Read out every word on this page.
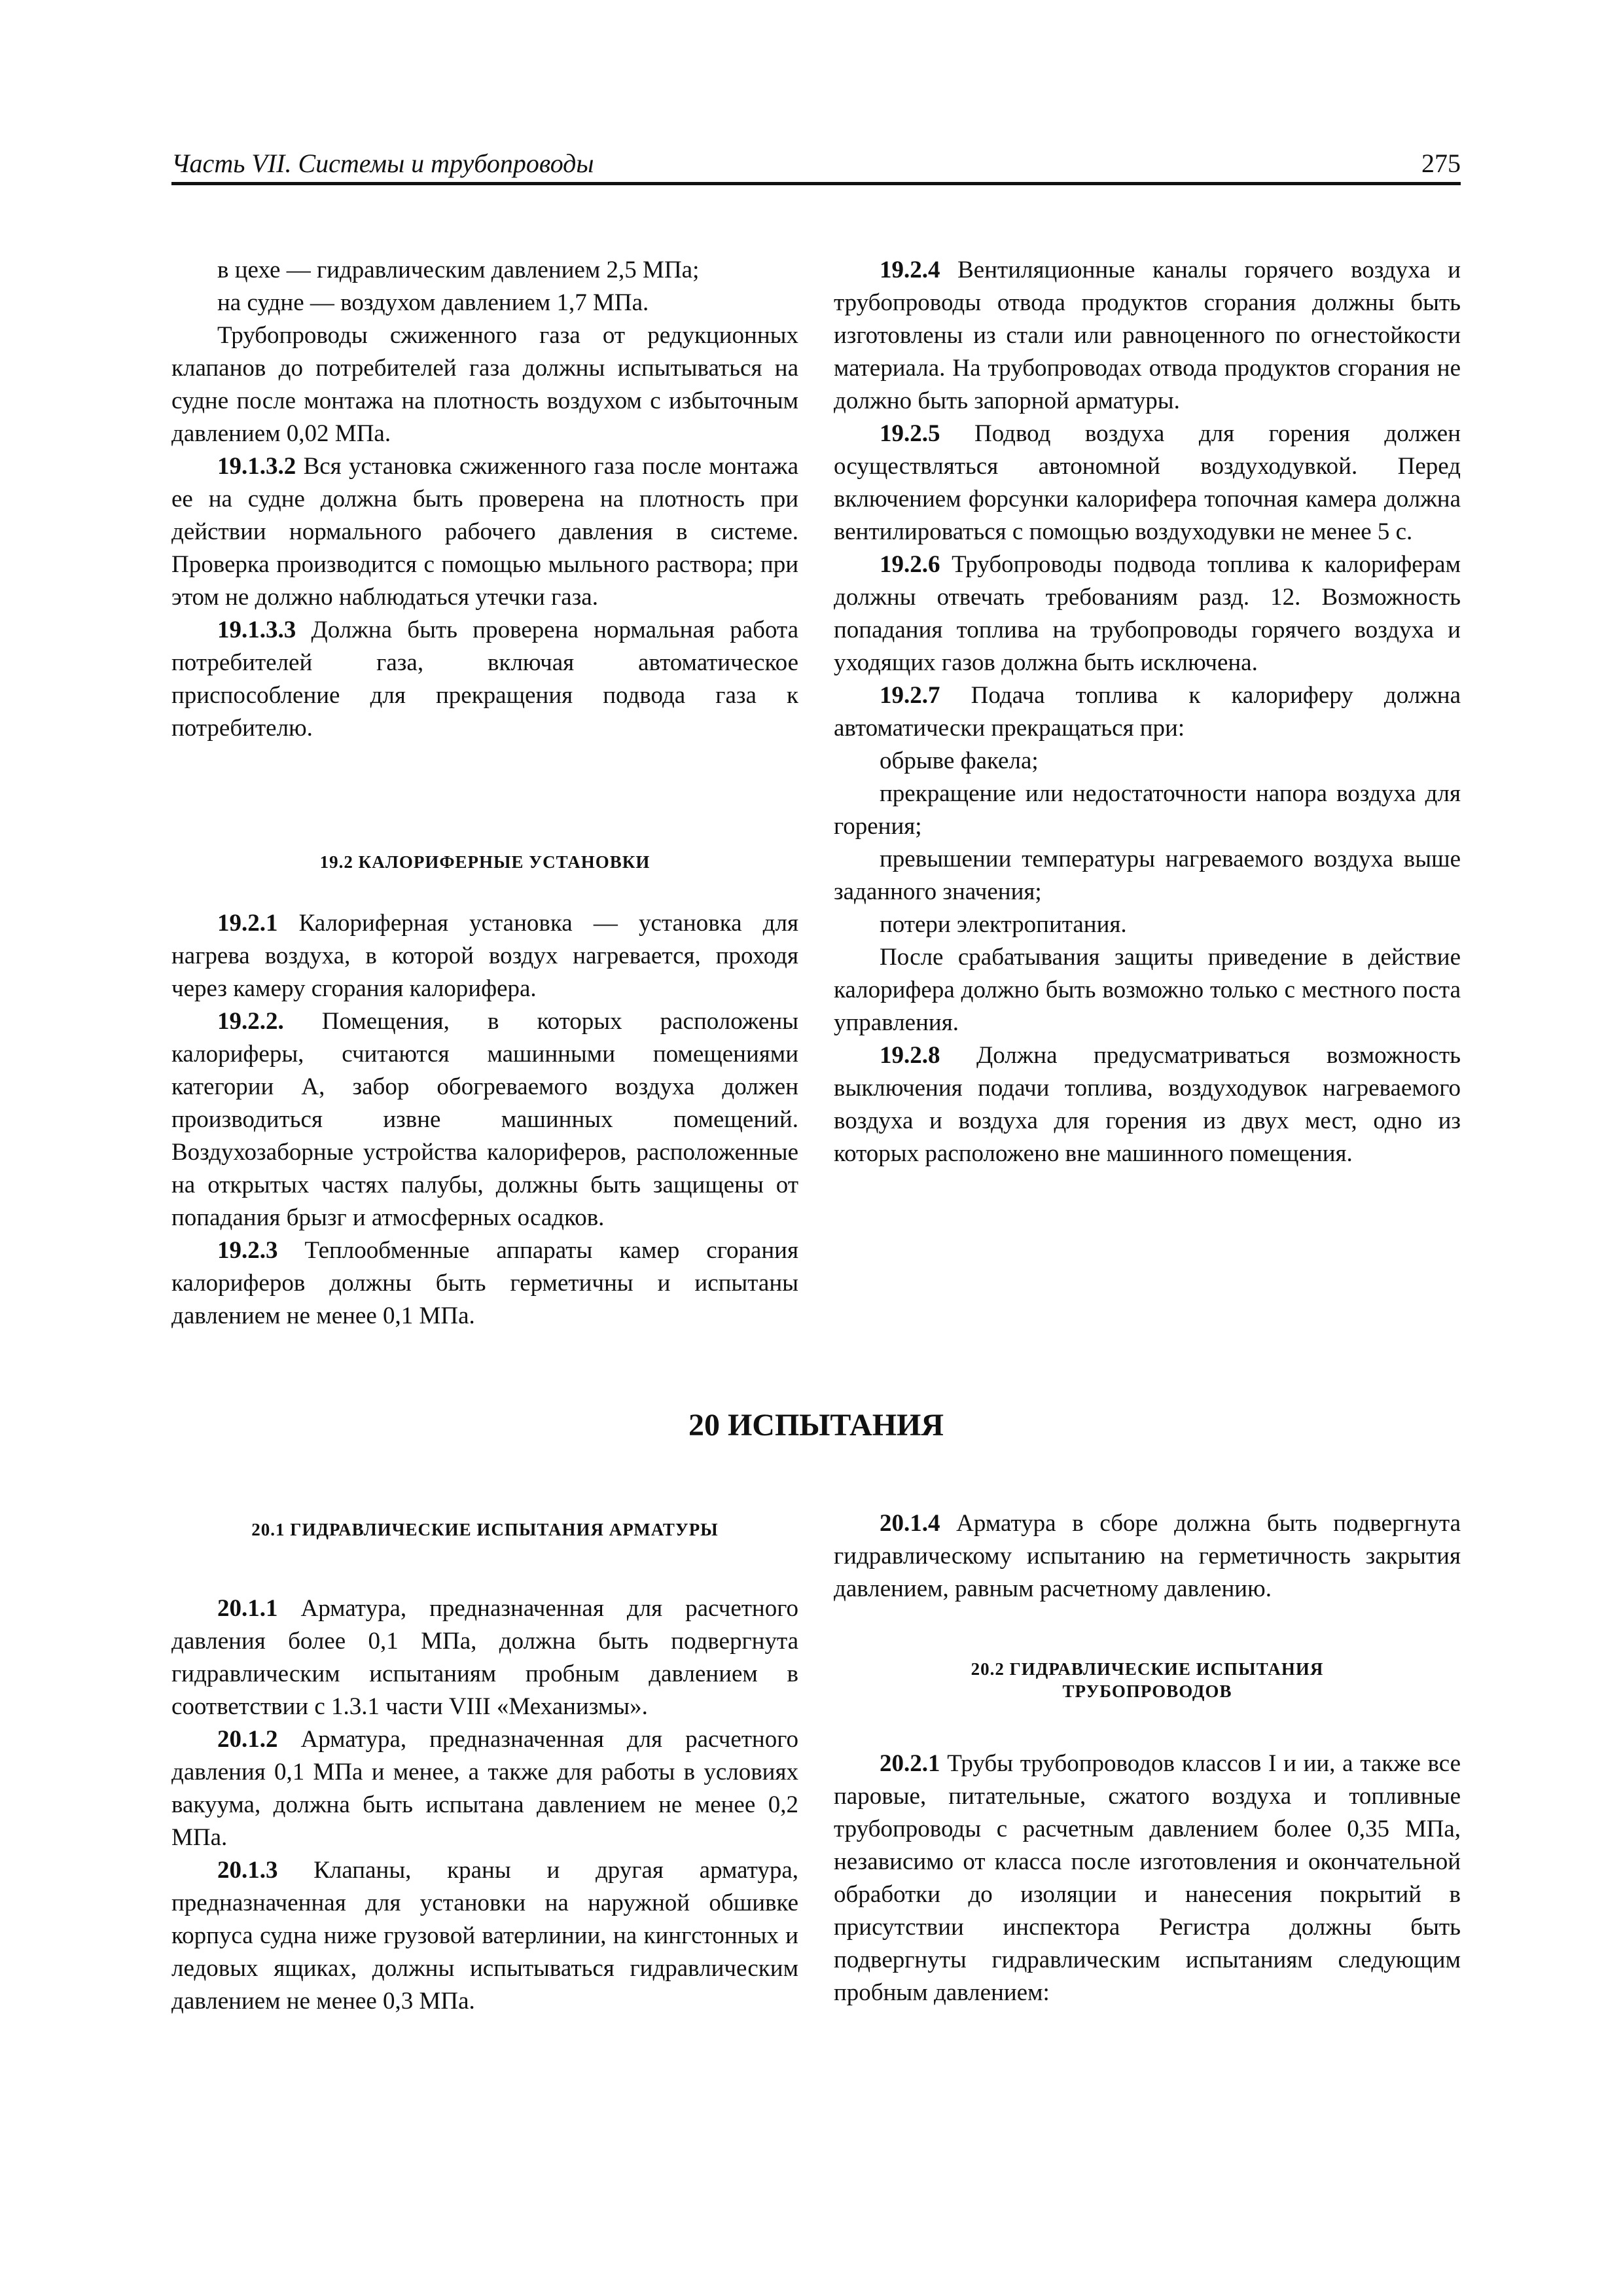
Часть VII. Системы и трубопроводы	275

в цехе — гидравлическим давлением 2,5 МПа;

на судне — воздухом давлением 1,7 МПа.

Трубопроводы сжиженного газа от редукционных клапанов до потребителей газа должны испытываться на судне после монтажа на плотность воздухом с избыточным давлением 0,02 МПа.

19.1.3.2 Вся установка сжиженного газа после монтажа ее на судне должна быть проверена на плотность при действии нормального рабочего давления в системе. Проверка производится с помощью мыльного раствора; при этом не должно наблюдаться утечки газа.

19.1.3.3 Должна быть проверена нормальная работа потребителей газа, включая автоматическое приспособление для прекращения подвода газа к потребителю.

19.2 КАЛОРИФЕРНЫЕ УСТАНОВКИ

19.2.1 Калориферная установка — установка для нагрева воздуха, в которой воздух нагревается, проходя через камеру сгорания калорифера.

19.2.2. Помещения, в которых расположены калориферы, считаются машинными помещениями категории А, забор обогреваемого воздуха должен производиться извне машинных помещений. Воздухозаборные устройства калориферов, расположенные на открытых частях палубы, должны быть защищены от попадания брызг и атмосферных осадков.

19.2.3 Теплообменные аппараты камер сгорания калориферов должны быть герметичны и испытаны давлением не менее 0,1 МПа.

19.2.4 Вентиляционные каналы горячего воздуха и трубопроводы отвода продуктов сгорания должны быть изготовлены из стали или равноценного по огнестойкости материала. На трубопроводах отвода продуктов сгорания не должно быть запорной арматуры.

19.2.5 Подвод воздуха для горения должен осуществляться автономной воздуходувкой. Перед включением форсунки калорифера топочная камера должна вентилироваться с помощью воздуходувки не менее 5 с.

19.2.6 Трубопроводы подвода топлива к калориферам должны отвечать требованиям разд. 12. Возможность попадания топлива на трубопроводы горячего воздуха и уходящих газов должна быть исключена.

19.2.7 Подача топлива к калориферу должна автоматически прекращаться при:

обрыве факела;

прекращение или недостаточности напора воздуха для горения;

превышении температуры нагреваемого воздуха выше заданного значения;

потери электропитания.

После срабатывания защиты приведение в действие калорифера должно быть возможно только с местного поста управления.

19.2.8 Должна предусматриваться возможность выключения подачи топлива, воздуходувок нагреваемого воздуха и воздуха для горения из двух мест, одно из которых расположено вне машинного помещения.

20 ИСПЫТАНИЯ
20.1 ГИДРАВЛИЧЕСКИЕ ИСПЫТАНИЯ АРМАТУРЫ

20.1.1 Арматура, предназначенная для расчетного давления более 0,1 МПа, должна быть подвергнута гидравлическим испытаниям пробным давлением в соответствии с 1.3.1 части VIII «Механизмы».

20.1.2 Арматура, предназначенная для расчетного давления 0,1 МПа и менее, а также для работы в условиях вакуума, должна быть испытана давлением не менее 0,2 МПа.

20.1.3 Клапаны, краны и другая арматура, предназначенная для установки на наружной обшивке корпуса судна ниже грузовой ватерлинии, на кингстонных и ледовых ящиках, должны испытываться гидравлическим давлением не менее 0,3 МПа.

20.1.4 Арматура в сборе должна быть подвергнута гидравлическому испытанию на герметичность закрытия давлением, равным расчетному давлению.

20.2 ГИДРАВЛИЧЕСКИЕ ИСПЫТАНИЯ
ТРУБОПРОВОДОВ

20.2.1 Трубы трубопроводов классов I и ии, а также все паровые, питательные, сжатого воздуха и топливные трубопроводы с расчетным давлением более 0,35 МПа, независимо от класса после изготовления и окончательной обработки до изоляции и нанесения покрытий в присутствии инспектора Регистра должны быть подвергнуты гидравлическим испытаниям следующим пробным давлением:
